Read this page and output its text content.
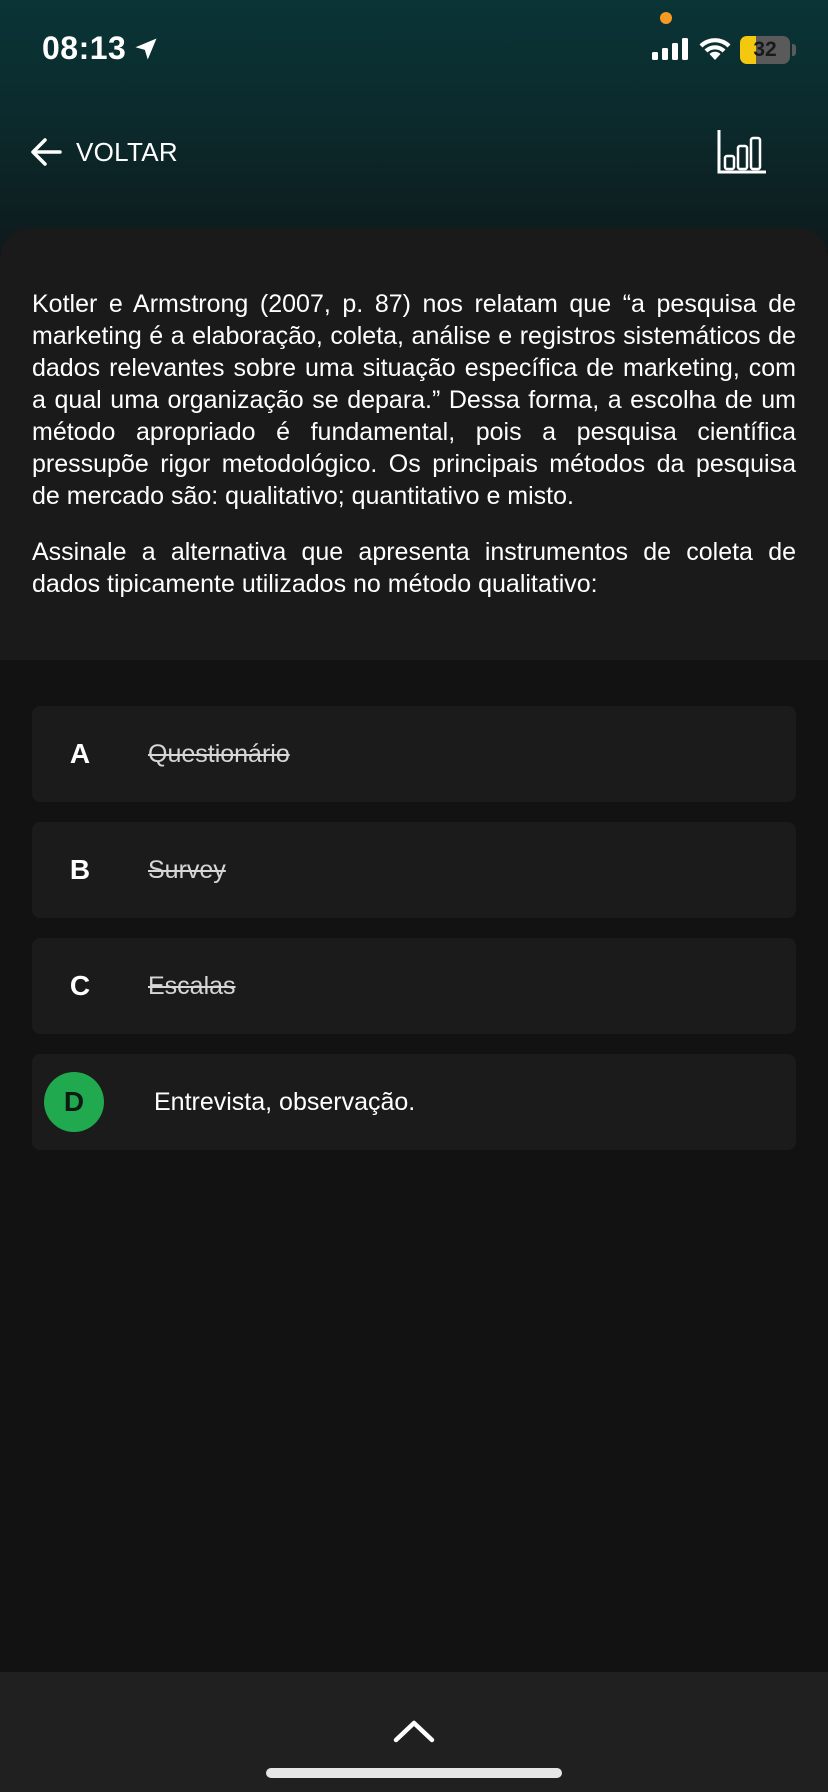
08:13	32
VOLTAR

Kotler e Armstrong (2007, p. 87) nos relatam que “a pesquisa de marketing é a elaboração, coleta, análise e registros sistemáticos de dados relevantes sobre uma situação específica de marketing, com a qual uma organização se depara.” Dessa forma, a escolha de um método apropriado é fundamental, pois a pesquisa científica pressupõe rigor metodológico. Os principais métodos da pesquisa de mercado são: qualitativo; quantitativo e misto.

Assinale a alternativa que apresenta instrumentos de coleta de dados tipicamente utilizados no método qualitativo:

A	Questionário
B	Survey
C	Escalas
D	Entrevista, observação.
